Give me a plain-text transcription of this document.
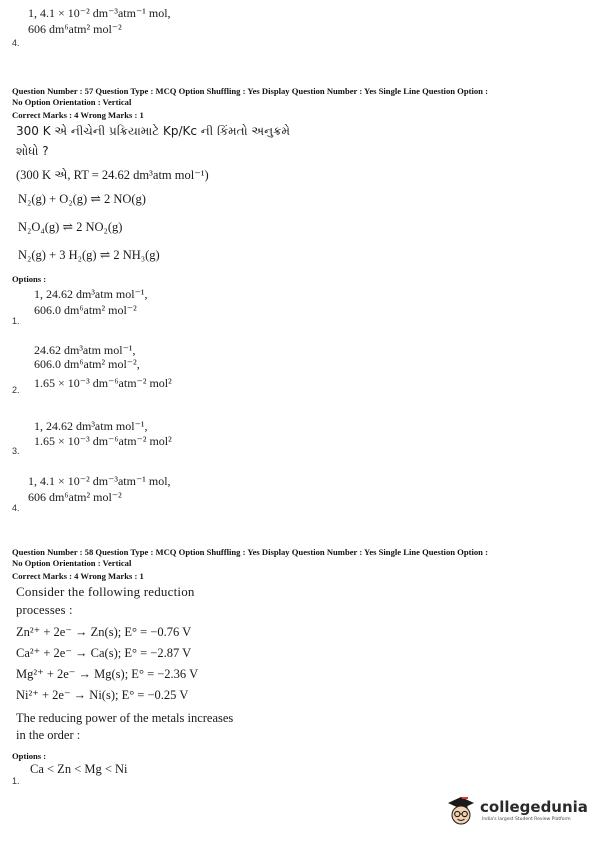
1, 4.1 × 10⁻² dm⁻³atm⁻¹ mol,
606 dm⁶atm² mol⁻²
4.
Question Number : 57 Question Type : MCQ Option Shuffling : Yes Display Question Number : Yes Single Line Question Option :
No Option Orientation : Vertical
Correct Marks : 4 Wrong Marks : 1
300 K એ નીચેની પ્રક્રિયામાટે Kp/Kc ની કિંમતો અનુક્રમે
શોધો ?
(300 K એ, RT = 24.62 dm³atm mol⁻¹)
N₂(g) + O₂(g) ⇌ 2 NO(g)
N₂O₄(g) ⇌ 2 NO₂(g)
N₂(g) + 3 H₂(g) ⇌ 2 NH₃(g)
Options :
1, 24.62 dm³atm mol⁻¹,
606.0 dm⁶atm² mol⁻²
1.
24.62 dm³atm mol⁻¹,
606.0 dm⁶atm² mol⁻²,
1.65 × 10⁻³ dm⁻⁶atm⁻² mol²
2.
1, 24.62 dm³atm mol⁻¹,
1.65 × 10⁻³ dm⁻⁶atm⁻² mol²
3.
1, 4.1 × 10⁻² dm⁻³atm⁻¹ mol,
606 dm⁶atm² mol⁻²
4.
Question Number : 58 Question Type : MCQ Option Shuffling : Yes Display Question Number : Yes Single Line Question Option :
No Option Orientation : Vertical
Correct Marks : 4 Wrong Marks : 1
Consider the following reduction
processes :
Zn²⁺ + 2e⁻ → Zn(s); E° = −0.76 V
Ca²⁺ + 2e⁻ → Ca(s); E° = −2.87 V
Mg²⁺ + 2e⁻ → Mg(s); E° = −2.36 V
Ni²⁺ + 2e⁻ → Ni(s); E° = −0.25 V
The reducing power of the metals increases
in the order :
Options :
Ca < Zn < Mg < Ni
1.
collegedunia
India's largest Student Review Platform
